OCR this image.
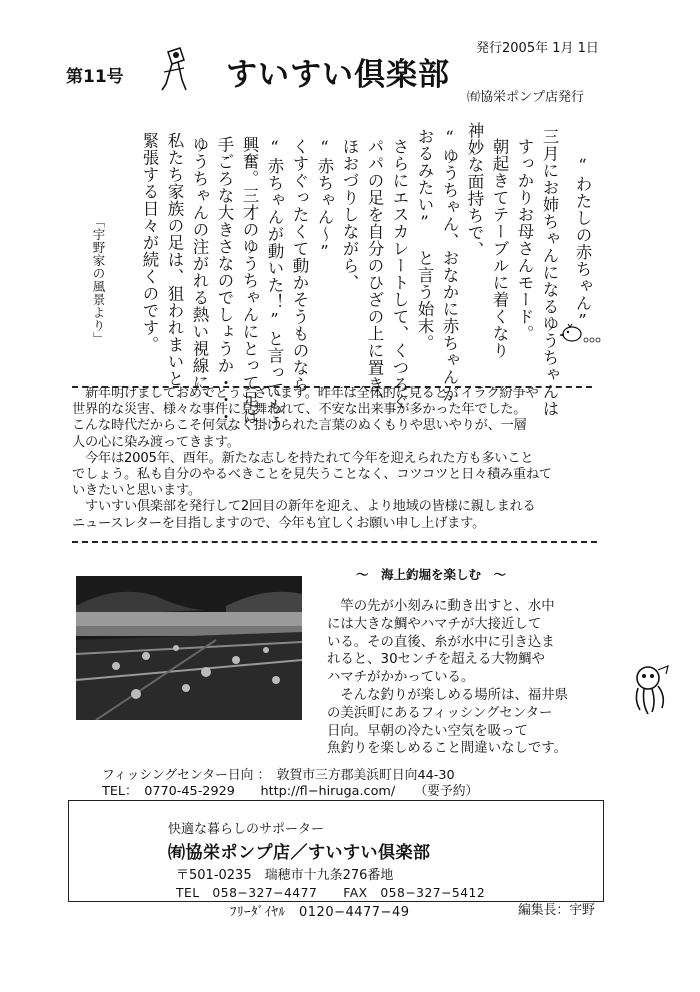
第11号	すいすい倶楽部
発行2005年 1月 1日
㈲協栄ポンプ店発行
“わたしの赤ちゃん”
三月にお姉ちゃんになるゆうちゃんは
すっかりお母さんモード。
朝起きてテーブルに着くなり
神妙な面持ちで、
“ゆうちゃん、おなかに赤ちゃんが
おるみたい”　と言う始末。
さらにエスカレートして、くつろぐ
パパの足を自分のひざの上に置き、
ほおづりしながら、
“赤ちゃん〜”
くすぐったくて動かそうものなら
“赤ちゃんが動いた！”と言ってもう
興奮。三才のゆうちゃんにとって足は
手ごろな大きさなのでしょうか・・・。
ゆうちゃんの注がれる熱い視線に、
私たち家族の足は、狙われまいと
緊張する日々が続くのです。
「宇野家の風景より」

　新年明けましておめでとうございます。昨年は全体的に見ると、イラク紛争や

世界的な災害、様々な事件に見舞われて、不安な出来事が多かった年でした。

こんな時代だからこそ何気なく掛けられた言葉のぬくもりや思いやりが、一層

人の心に染み渡ってきます。

　今年は2005年、酉年。新たな志しを持たれて今年を迎えられた方も多いこと

でしょう。私も自分のやるべきことを見失うことなく、コツコツと日々積み重ねて

いきたいと思います。

　すいすい倶楽部を発行して2回目の新年を迎え、より地域の皆様に親しまれる

ニュースレターを目指しますので、今年も宜しくお願い申し上げます。

〜　海上釣堀を楽しむ　〜

　竿の先が小刻みに動き出すと、水中

には大きな鯛やハマチが大接近して

いる。その直後、糸が水中に引き込ま

れると、30センチを超える大物鯛や

ハマチがかかっている。

　そんな釣りが楽しめる場所は、福井県

の美浜町にあるフィッシングセンター

日向。早朝の冷たい空気を吸って

魚釣りを楽しめること間違いなしです。

フィッシングセンター日向 ：　敦賀市三方郡美浜町日向44-30
TEL：　0770-45-2929　　http://fl−hiruga.com/　　（要予約）
快適な暮らしのサポーター
㈲協栄ポンプ店／すいすい倶楽部
〒501-0235　瑞穂市十九条276番地
TEL　058−327−4477 FAX　058−327−5412
ﾌﾘｰﾀﾞｲﾔﾙ　0120−4477−49	編集長：宇野
